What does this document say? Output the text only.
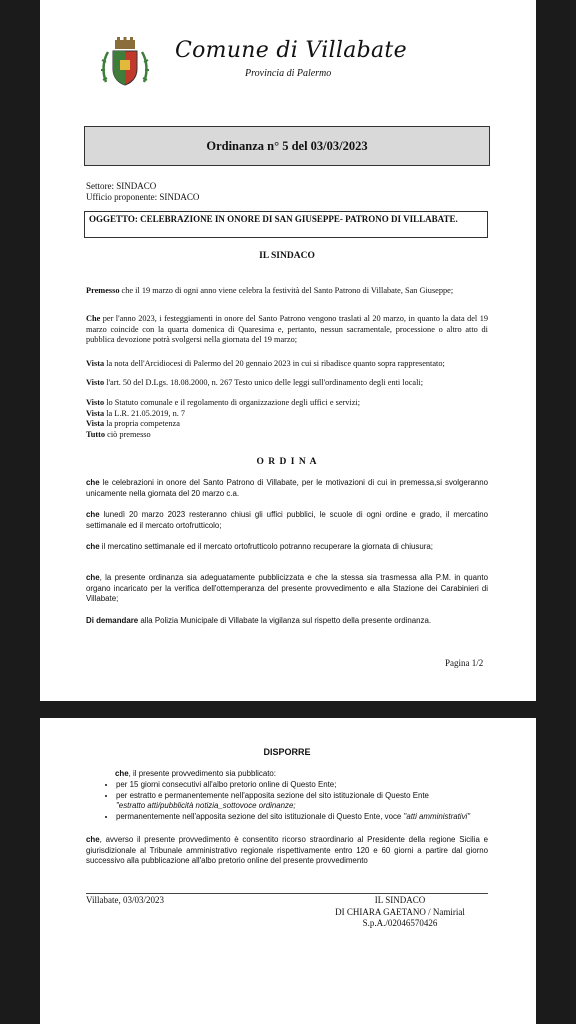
Comune di Villabate
Provincia di Palermo
Ordinanza n° 5 del 03/03/2023
Settore: SINDACO
Ufficio proponente: SINDACO
OGGETTO: CELEBRAZIONE IN ONORE DI SAN GIUSEPPE- PATRONO DI VILLABATE.
IL SINDACO
Premesso che il 19 marzo di ogni anno viene celebra la festività del Santo Patrono di Villabate, San Giuseppe;
Che per l'anno 2023, i festeggiamenti in onore del Santo Patrono vengono traslati al 20 marzo, in quanto la data del 19 marzo coincide con la quarta domenica di Quaresima e, pertanto, nessun sacramentale, processione o altro atto di pubblica devozione potrà svolgersi nella giornata del 19 marzo;
Vista la nota dell'Arcidiocesi di Palermo del 20 gennaio 2023 in cui si ribadisce quanto sopra rappresentato;
Visto l'art. 50 del D.Lgs. 18.08.2000, n. 267 Testo unico delle leggi sull'ordinamento degli enti locali;
Visto lo Statuto comunale e il regolamento di organizzazione degli uffici e servizi;
Vista la L.R. 21.05.2019, n. 7
Vista la propria competenza
Tutto ciò premesso
O R D I N A
che le celebrazioni in onore del Santo Patrono di Villabate, per le motivazioni di cui in premessa,si svolgeranno unicamente nella giornata del 20 marzo c.a.
che lunedì 20 marzo 2023 resteranno chiusi gli uffici pubblici, le scuole di ogni ordine e grado, il mercatino settimanale ed il mercato ortofrutticolo;
che il mercatino settimanale ed il mercato ortofrutticolo potranno recuperare la giornata di chiusura;
che, la presente ordinanza sia adeguatamente pubblicizzata e che la stessa sia trasmessa alla P.M. in quanto organo incaricato per la verifica dell'ottemperanza del presente provvedimento e alla Stazione dei Carabinieri di Villabate;
Di demandare alla Polizia Municipale di Villabate la vigilanza sul rispetto della presente ordinanza.
Pagina 1/2
DISPORRE
che, il presente provvedimento sia pubblicato:
• per 15 giorni consecutivi all'albo pretorio online di Questo Ente;
• per estratto e permanentemente nell'apposita sezione del sito istituzionale di Questo Ente
"estratto atti/pubblicità notizia_sottovoce ordinanze;
• permanentemente nell'apposita sezione del sito istituzionale di Questo Ente, voce "atti amministrativi"
che, avverso il presente provvedimento è consentito ricorso straordinario al Presidente della regione Sicilia e giurisdizionale al Tribunale amministrativo regionale rispettivamente entro 120 e 60 giorni a partire dal giorno successivo alla pubblicazione all'albo pretorio online del presente provvedimento
Villabate, 03/03/2023	IL SINDACO
DI CHIARA GAETANO / Namirial
S.p.A./02046570426
